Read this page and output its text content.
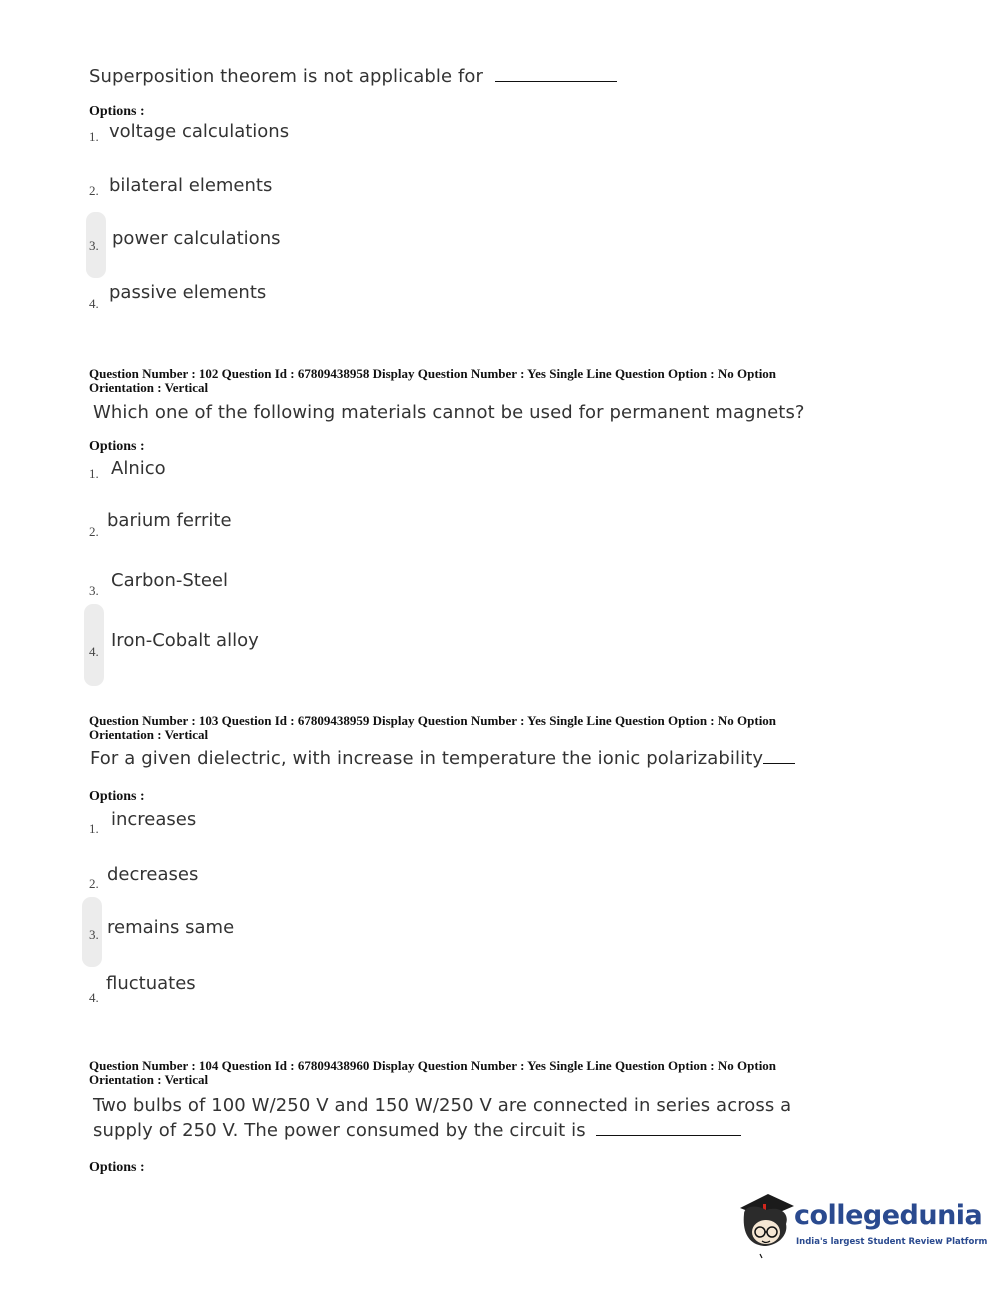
Superposition theorem is not applicable for
Options :
1. voltage calculations
2. bilateral elements
3. power calculations
4.
passive elements
Question Number : 102 Question Id : 67809438958 Display Question Number : Yes Single Line Question Option : No Option
Orientation : Vertical
Which one of the following materials cannot be used for permanent magnets?
Options :
1. Alnico
2.
barium ferrite
3. Carbon-Steel
4.
Iron-Cobalt alloy
Question Number : 103 Question Id : 67809438959 Display Question Number : Yes Single Line Question Option : No Option
Orientation : Vertical
For a given dielectric, with increase in temperature the ionic polarizability
Options :
1. increases
2. decreases
3. remains same
4.
fluctuates
Question Number : 104 Question Id : 67809438960 Display Question Number : Yes Single Line Question Option : No Option
Orientation : Vertical
Two bulbs of 100 W/250 V and 150 W/250 V are connected in series across a
supply of 250 V. The power consumed by the circuit is
Options :
collegedunia
India's largest Student Review Platform
